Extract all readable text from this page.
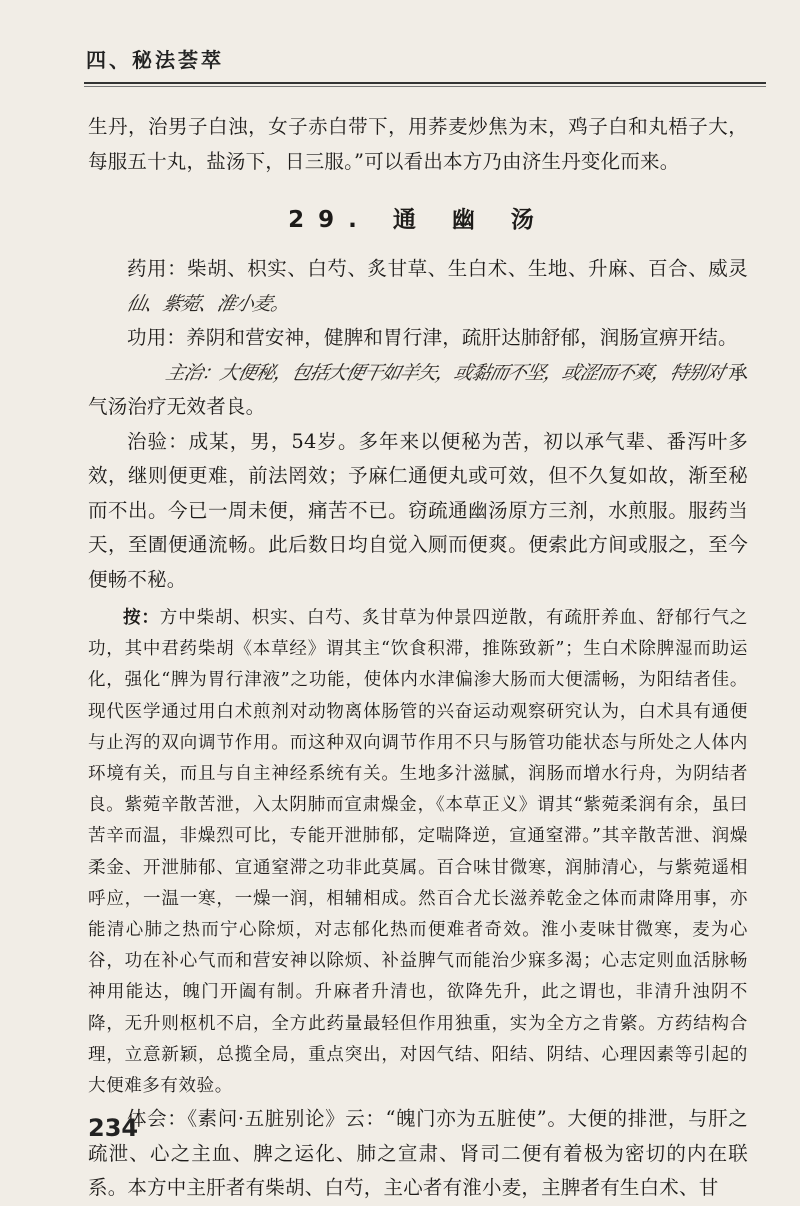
四、秘法荟萃

生丹，治男子白浊，女子赤白带下，用荞麦炒焦为末，鸡子白和丸梧子大，每服五十丸，盐汤下，日三服。”可以看出本方乃由济生丹变化而来。

29. 通 幽 汤

药用：柴胡、枳实、白芍、炙甘草、生白术、生地、升麻、百合、威灵仙、紫菀、淮小麦。

功用：养阴和营安神，健脾和胃行津，疏肝达肺舒郁，润肠宣痹开结。

主治：大便秘，包括大便干如羊矢，或黏而不坚，或涩而不爽，特别对承气汤治疗无效者良。

治验：成某，男，54岁。多年来以便秘为苦，初以承气辈、番泻叶多效，继则便更难，前法罔效；予麻仁通便丸或可效，但不久复如故，渐至秘而不出。今已一周未便，痛苦不已。窃疏通幽汤原方三剂，水煎服。服药当天，至圊便通流畅。此后数日均自觉入厕而便爽。便索此方间或服之，至今便畅不秘。

按：方中柴胡、枳实、白芍、炙甘草为仲景四逆散，有疏肝养血、舒郁行气之功，其中君药柴胡《本草经》谓其主“饮食积滞，推陈致新”；生白术除脾湿而助运化，强化“脾为胃行津液”之功能，使体内水津偏渗大肠而大便濡畅，为阳结者佳。现代医学通过用白术煎剂对动物离体肠管的兴奋运动观察研究认为，白术具有通便与止泻的双向调节作用。而这种双向调节作用不只与肠管功能状态与所处之人体内环境有关，而且与自主神经系统有关。生地多汁滋腻，润肠而增水行舟，为阴结者良。紫菀辛散苦泄，入太阴肺而宣肃燥金，《本草正义》谓其“紫菀柔润有余，虽曰苦辛而温，非燥烈可比，专能开泄肺郁，定喘降逆，宣通窒滞。”其辛散苦泄、润燥柔金、开泄肺郁、宣通窒滞之功非此莫属。百合味甘微寒，润肺清心，与紫菀遥相呼应，一温一寒，一燥一润，相辅相成。然百合尤长滋养乾金之体而肃降用事，亦能清心肺之热而宁心除烦，对志郁化热而便难者奇效。淮小麦味甘微寒，麦为心谷，功在补心气而和营安神以除烦、补益脾气而能治少寐多渴；心志定则血活脉畅神用能达，魄门开阖有制。升麻者升清也，欲降先升，此之谓也，非清升浊阴不降，无升则枢机不启，全方此药量最轻但作用独重，实为全方之肯綮。方药结构合理，立意新颖，总揽全局，重点突出，对因气结、阳结、阴结、心理因素等引起的大便难多有效验。

体会：《素问·五脏别论》云：“魄门亦为五脏使”。大便的排泄，与肝之疏泄、心之主血、脾之运化、肺之宣肃、肾司二便有着极为密切的内在联系。本方中主肝者有柴胡、白芍，主心者有淮小麦，主脾者有生白术、甘

234
